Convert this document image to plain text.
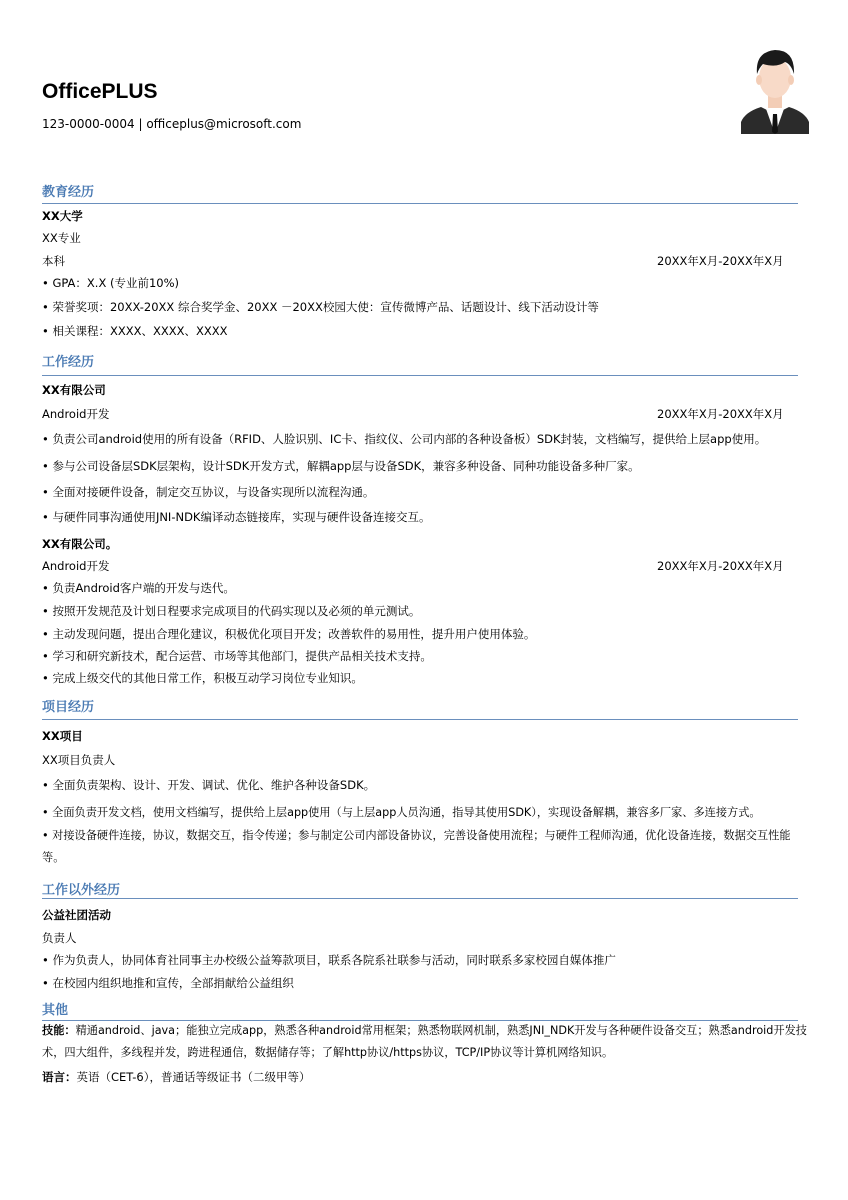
OfficePLUS
123-0000-0004 | officeplus@microsoft.com
教育经历
XX大学
XX专业
本科	20XX年X月-20XX年X月
• GPA：X.X (专业前10%)
• 荣誉奖项：20XX-20XX 综合奖学金、20XX －20XX校园大使：宣传微博产品、话题设计、线下活动设计等
• 相关课程：XXXX、XXXX、XXXX
工作经历
XX有限公司
Android开发	20XX年X月-20XX年X月
• 负责公司android使用的所有设备（RFID、人脸识别、IC卡、指纹仪、公司内部的各种设备板）SDK封装，文档编写，提供给上层app使用。
• 参与公司设备层SDK层架构，设计SDK开发方式，解耦app层与设备SDK，兼容多种设备、同种功能设备多种厂家。
• 全面对接硬件设备，制定交互协议，与设备实现所以流程沟通。
• 与硬件同事沟通使用JNI-NDK编译动态链接库，实现与硬件设备连接交互。
XX有限公司。
Android开发	20XX年X月-20XX年X月
• 负责Android客户端的开发与迭代。
• 按照开发规范及计划日程要求完成项目的代码实现以及必须的单元测试。
• 主动发现问题，提出合理化建议，积极优化项目开发；改善软件的易用性，提升用户使用体验。
• 学习和研究新技术，配合运营、市场等其他部门，提供产品相关技术支持。
• 完成上级交代的其他日常工作，积极互动学习岗位专业知识。
项目经历
XX项目
XX项目负责人
• 全面负责架构、设计、开发、调试、优化、维护各种设备SDK。
• 全面负责开发文档，使用文档编写，提供给上层app使用（与上层app人员沟通，指导其使用SDK），实现设备解耦，兼容多厂家、多连接方式。
• 对接设备硬件连接，协议，数据交互，指令传递；参与制定公司内部设备协议，完善设备使用流程；与硬件工程师沟通，优化设备连接，数据交互性能等。
工作以外经历
公益社团活动
负责人
• 作为负责人，协同体育社同事主办校级公益筹款项目，联系各院系社联参与活动，同时联系多家校园自媒体推广
• 在校园内组织地推和宣传，全部捐献给公益组织
其他
技能：精通android、java；能独立完成app，熟悉各种android常用框架；熟悉物联网机制，熟悉JNI_NDK开发与各种硬件设备交互；熟悉android开发技术，四大组件，多线程并发，跨进程通信，数据储存等；了解http协议/https协议，TCP/IP协议等计算机网络知识。
语言：英语（CET-6），普通话等级证书（二级甲等）
